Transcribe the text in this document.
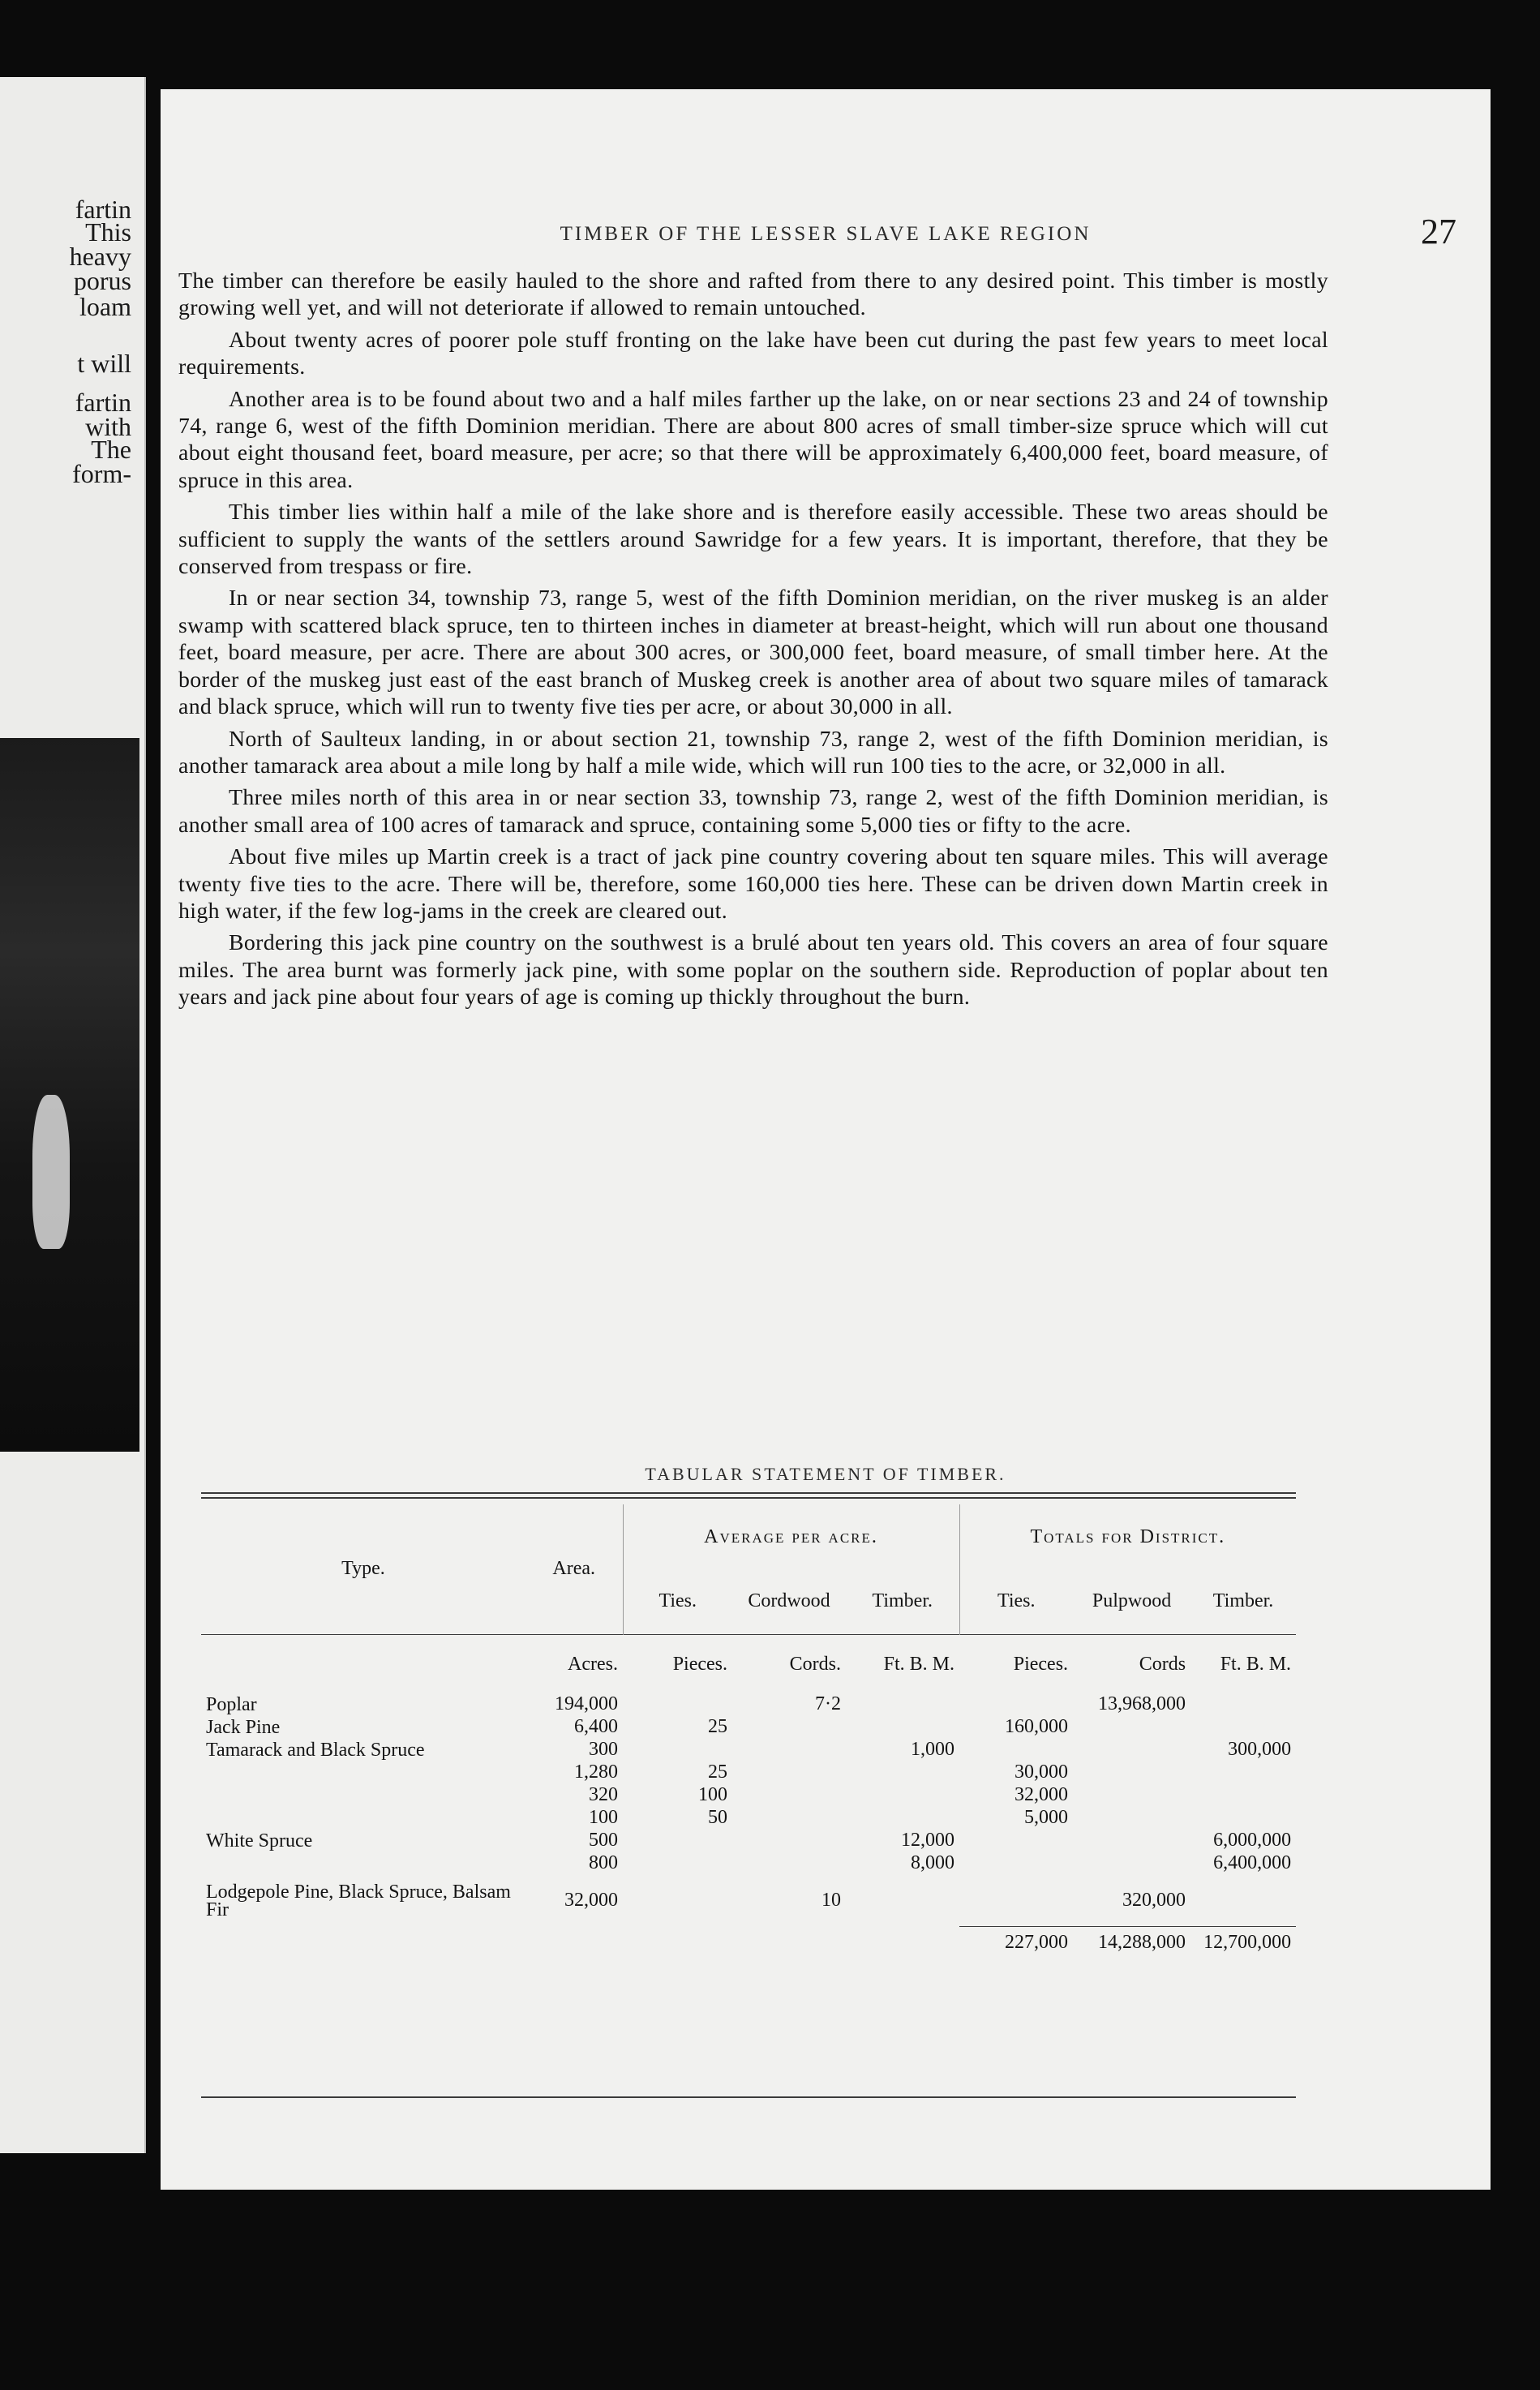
fartin
This
heavy
porus
loam
t will
fartin
with
The
form-
TIMBER OF THE LESSER SLAVE LAKE REGION	27

The timber can therefore be easily hauled to the shore and rafted from there to any desired point. This timber is mostly growing well yet, and will not deteriorate if allowed to remain untouched.

About twenty acres of poorer pole stuff fronting on the lake have been cut during the past few years to meet local requirements.

Another area is to be found about two and a half miles farther up the lake, on or near sections 23 and 24 of township 74, range 6, west of the fifth Dominion meridian. There are about 800 acres of small timber-size spruce which will cut about eight thousand feet, board measure, per acre; so that there will be approximately 6,400,000 feet, board measure, of spruce in this area.

This timber lies within half a mile of the lake shore and is therefore easily accessible. These two areas should be sufficient to supply the wants of the settlers around Sawridge for a few years. It is important, therefore, that they be conserved from trespass or fire.

In or near section 34, township 73, range 5, west of the fifth Dominion meridian, on the river muskeg is an alder swamp with scattered black spruce, ten to thirteen inches in diameter at breast-height, which will run about one thousand feet, board measure, per acre. There are about 300 acres, or 300,000 feet, board measure, of small timber here. At the border of the muskeg just east of the east branch of Muskeg creek is another area of about two square miles of tamarack and black spruce, which will run to twenty five ties per acre, or about 30,000 in all.

North of Saulteux landing, in or about section 21, township 73, range 2, west of the fifth Dominion meridian, is another tamarack area about a mile long by half a mile wide, which will run 100 ties to the acre, or 32,000 in all.

Three miles north of this area in or near section 33, township 73, range 2, west of the fifth Dominion meridian, is another small area of 100 acres of tamarack and spruce, containing some 5,000 ties or fifty to the acre.

About five miles up Martin creek is a tract of jack pine country covering about ten square miles. This will average twenty five ties to the acre. There will be, therefore, some 160,000 ties here. These can be driven down Martin creek in high water, if the few log-jams in the creek are cleared out.

Bordering this jack pine country on the southwest is a brulé about ten years old. This covers an area of four square miles. The area burnt was formerly jack pine, with some poplar on the southern side. Reproduction of poplar about ten years and jack pine about four years of age is coming up thickly throughout the burn.

TABULAR STATEMENT OF TIMBER.
Type.	Area.	Average per acre.			Totals for District.		
		Ties.	Cordwood	Timber.	Ties.	Pulpwood	Timber.

	Acres.	Pieces.	Cords.	Ft. B. M.	Pieces.	Cords	Ft. B. M.
Poplar	194,000		7·2			13,968,000	
Jack Pine	6,400	25			160,000		
Tamarack and Black Spruce	300			1,000			300,000
	1,280	25			30,000		
	320	100			32,000		
	100	50			5,000		
White Spruce	500			12,000			6,000,000
	800			8,000			6,400,000
Lodgepole Pine, Black Spruce, Balsam Fir	32,000		10			320,000	
					227,000	14,288,000	12,700,000
